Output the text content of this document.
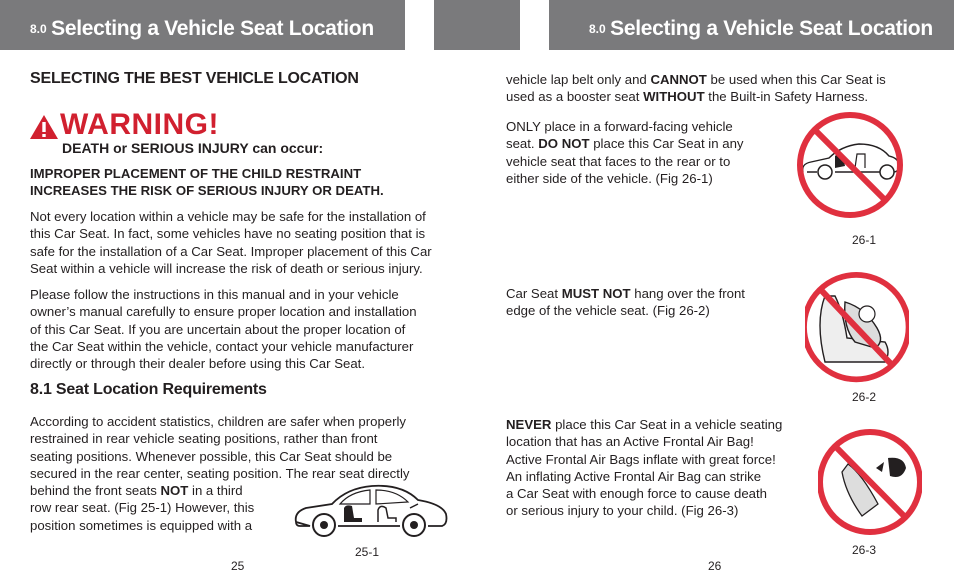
8.0 Selecting a Vehicle Seat Location	8.0 Selecting a Vehicle Seat Location
SELECTING THE BEST VEHICLE LOCATION
WARNING!
DEATH or SERIOUS INJURY can occur:
IMPROPER PLACEMENT OF THE CHILD RESTRAINT
INCREASES THE RISK OF SERIOUS INJURY OR DEATH.
Not every location within a vehicle may be safe for the installation of
this Car Seat. In fact, some vehicles have no seating position that is
safe for the installation of a Car Seat. Improper placement of this Car
Seat within a vehicle will increase the risk of death or serious injury.
Please follow the instructions in this manual and in your vehicle
owner’s manual carefully to ensure proper location and installation
of this Car Seat. If you are uncertain about the proper location of
the Car Seat within the vehicle, contact your vehicle manufacturer
directly or through their dealer before using this Car Seat.
8.1 Seat Location Requirements
According to accident statistics, children are safer when properly
restrained in rear vehicle seating positions, rather than front
seating positions. Whenever possible, this Car Seat should be
secured in the rear center, seating position. The rear seat directly
behind the front seats NOT in a third
row rear seat. (Fig 25-1) However, this
position sometimes is equipped with a
25-1
25
vehicle lap belt only and CANNOT be used when this Car Seat is
used as a booster seat WITHOUT the Built-in Safety Harness.
ONLY place in a forward-facing vehicle
seat. DO NOT place this Car Seat in any
vehicle seat that faces to the rear or to
either side of the vehicle. (Fig 26-1)
26-1
Car Seat MUST NOT hang over the front
edge of the vehicle seat. (Fig 26-2)
26-2
NEVER place this Car Seat in a vehicle seating
location that has an Active Frontal Air Bag!
Active Frontal Air Bags inflate with great force!
An inflating Active Frontal Air Bag can strike
a Car Seat with enough force to cause death
or serious injury to your child. (Fig 26-3)
26-3
26
